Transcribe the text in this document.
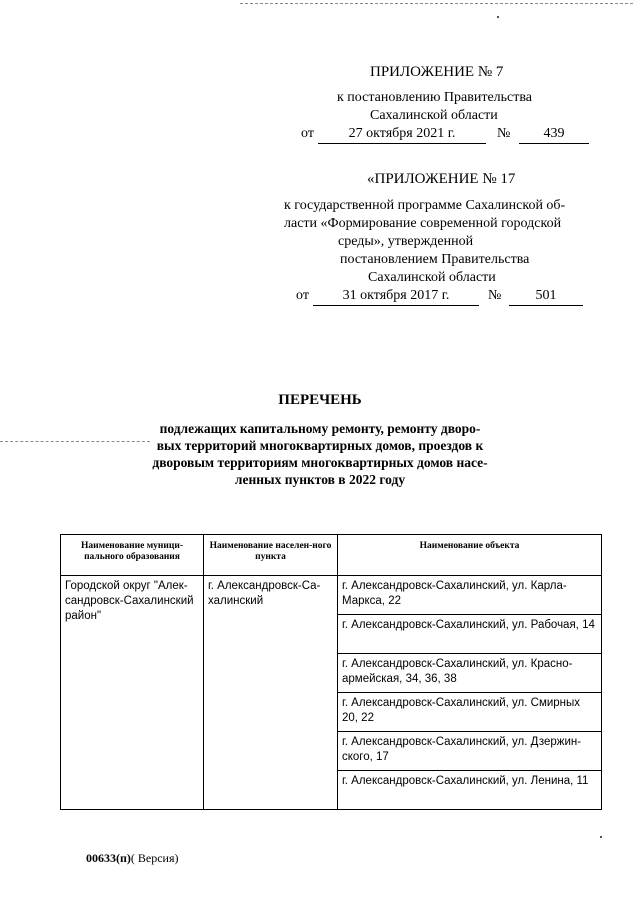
ПРИЛОЖЕНИЕ № 7
к постановлению Правительства
Сахалинской области
от	27 октября 2021 г.	№	439
«ПРИЛОЖЕНИЕ № 17
к государственной программе Сахалинской об-
ласти «Формирование современной городской
среды», утвержденной
постановлением Правительства
Сахалинской области
от	31 октября 2017 г.	№	501
ПЕРЕЧЕНЬ
подлежащих капитальному ремонту, ремонту дворо-
вых территорий многоквартирных домов, проездов к
дворовым территориям многоквартирных домов насе-
ленных пунктов в 2022 году
Наименование муници-пального образования	Наименование населен-ного пункта	Наименование объекта
Городской округ "Алек-сандровск-Сахалинский район"	г. Александровск-Са-халинский	г. Александровск-Сахалинский, ул. Карла-Маркса, 22
		г. Александровск-Сахалинский, ул. Рабочая, 14
		г. Александровск-Сахалинский, ул. Красно-армейская, 34, 36, 38
		г. Александровск-Сахалинский, ул. Смирных 20, 22
		г. Александровск-Сахалинский, ул. Дзержин-ского, 17
		г. Александровск-Сахалинский, ул. Ленина, 11
00633(п)( Версия)
